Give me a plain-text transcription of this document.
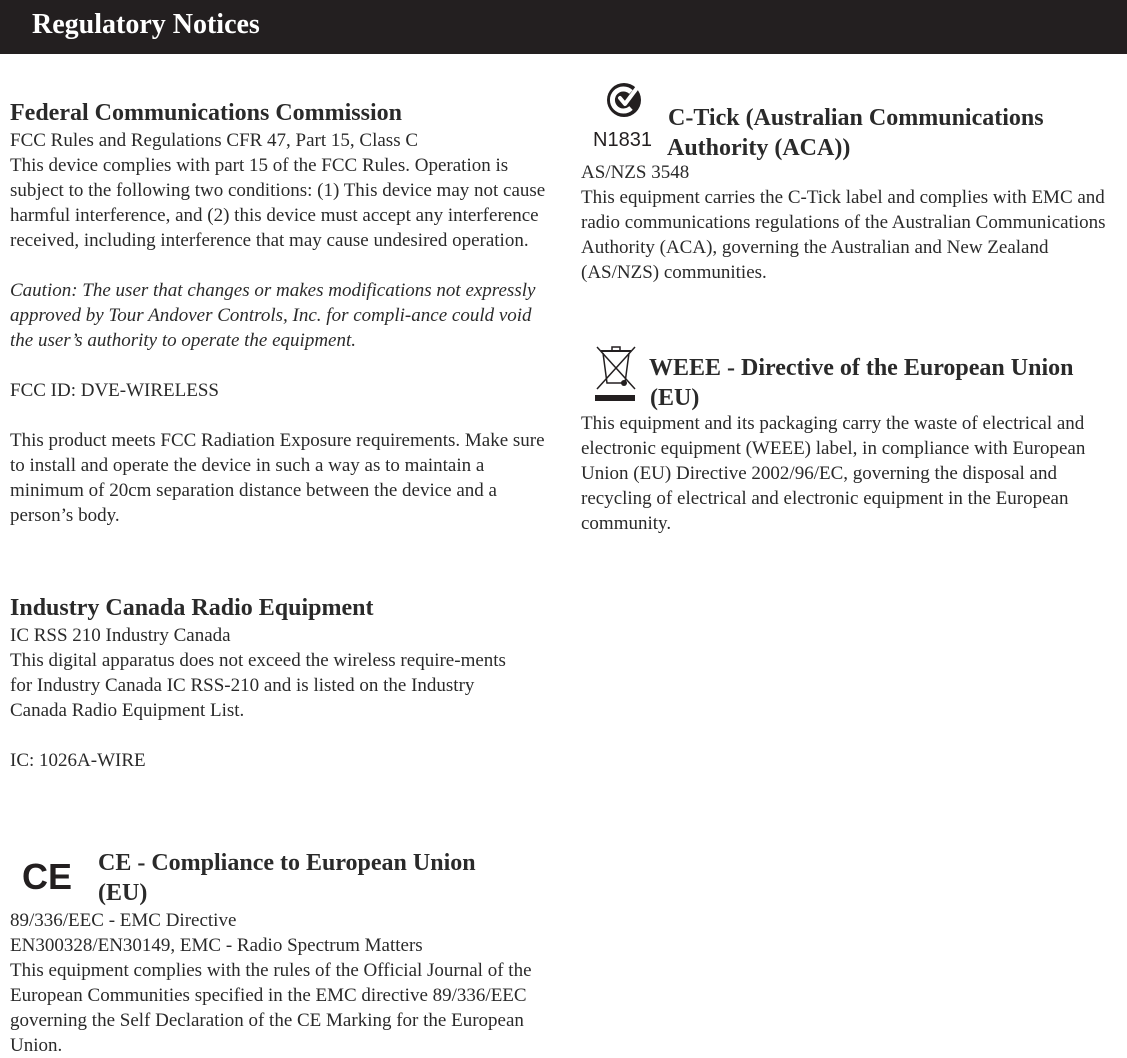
Regulatory Notices

Federal Communications Commission

FCC Rules and Regulations CFR 47, Part 15, Class C

This device complies with part 15 of the FCC Rules. Operation is subject to the following two conditions: (1) This device may not cause harmful interference, and (2) this device must accept any interference received, including interference that may cause undesired operation.

Caution: The user that changes or makes modifications not expressly approved by Tour Andover Controls, Inc. for compli-ance could void the user’s authority to operate the equipment.

FCC ID: DVE-WIRELESS

This product meets FCC Radiation Exposure requirements. Make sure to install and operate the device in such a way as to maintain a minimum of 20cm separation distance between the device and a person’s body.

Industry Canada Radio Equipment

IC RSS 210 Industry Canada

This digital apparatus does not exceed the wireless require-ments for Industry Canada IC RSS-210 and is listed on the Industry Canada Radio Equipment List.

IC: 1026A-WIRE

CE CE - Compliance to European Union

(EU)

89/336/EEC - EMC Directive

EN300328/EN30149, EMC - Radio Spectrum Matters

This equipment complies with the rules of the Official Journal of the European Communities specified in the EMC directive 89/336/EEC governing the Self Declaration of the CE Marking for the European Union.

N1831

C-Tick (Australian Communications

Authority (ACA))

AS/NZS 3548

This equipment carries the C-Tick label and complies with EMC and radio communications regulations of the Australian Communications Authority (ACA), governing the Australian and New Zealand (AS/NZS) communities.

WEEE - Directive of the European Union

(EU)

This equipment and its packaging carry the waste of electrical and electronic equipment (WEEE) label, in compliance with European Union (EU) Directive 2002/96/EC, governing the disposal and recycling of electrical and electronic equipment in the European community.
